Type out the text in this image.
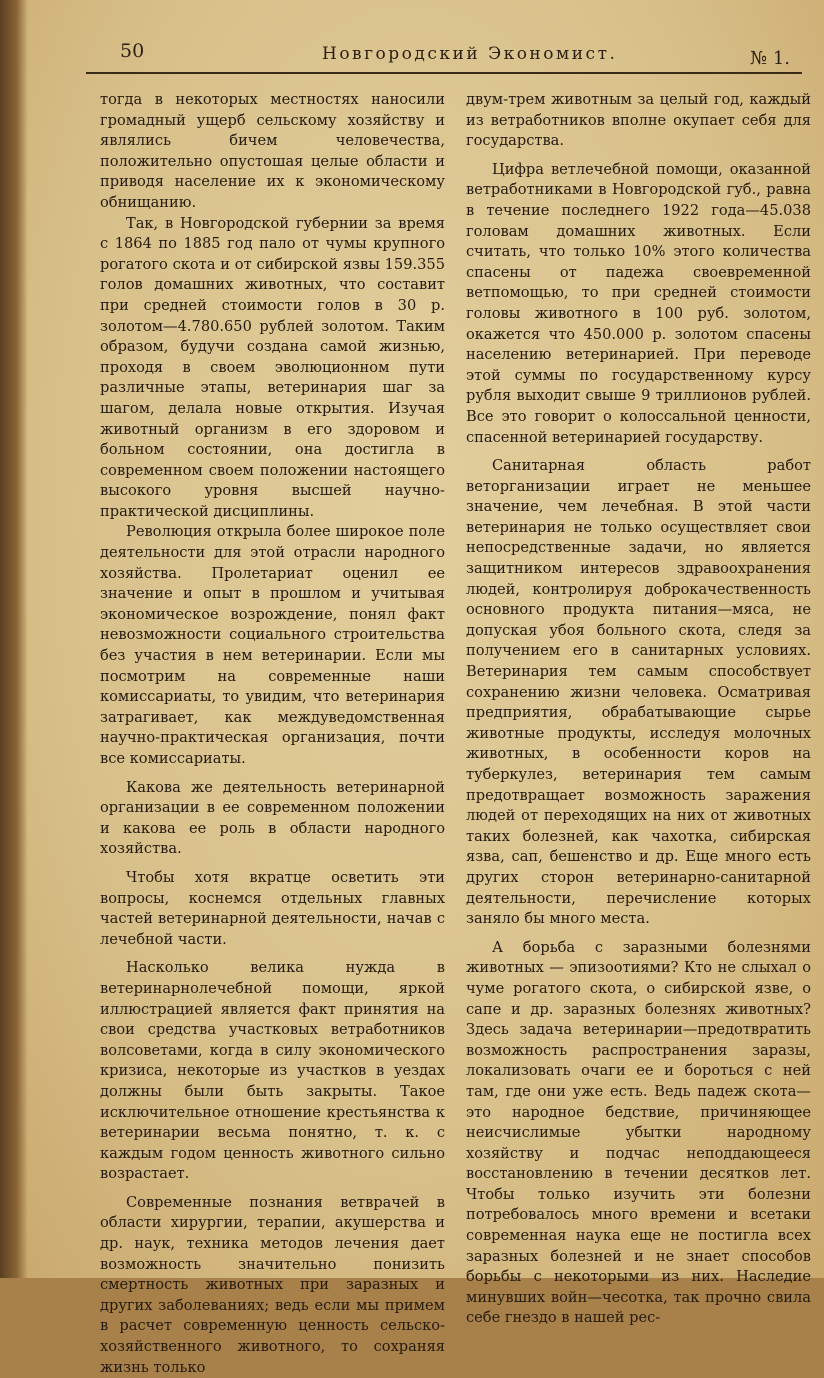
50	Новгородский Экономист.	№ 1.

тогда в некоторых местностях наносили громадный ущерб сельскому хозяйству и являлись бичем человечества, положительно опустошая целые области и приводя население их к экономическому обнищанию.

Так, в Новгородской губернии за время с 1864 по 1885 год пало от чумы крупного рогатого скота и от сибирской язвы 159.355 голов домашних животных, что составит при средней стоимости голов в 30 р. золотом—4.780.650 рублей золотом. Таким образом, будучи создана самой жизнью, проходя в своем эволюционном пути различные этапы, ветеринария шаг за шагом, делала новые открытия. Изучая животный организм в его здоровом и больном состоянии, она достигла в современном своем положении настоящего высокого уровня высшей научно-практической дисциплины.

Революция открыла более широкое поле деятельности для этой отрасли народного хозяйства. Пролетариат оценил ее значение и опыт в прошлом и учитывая экономическое возрождение, понял факт невозможности социального строительства без участия в нем ветеринарии. Если мы посмотрим на современные наши комиссариаты, то увидим, что ветеринария затрагивает, как междуведомственная научно-практическая организация, почти все комиссариаты.

Какова же деятельность ветеринарной организации в ее современном положении и какова ее роль в области народного хозяйства.

Чтобы хотя вкратце осветить эти вопросы, коснемся отдельных главных частей ветеринарной деятельности, начав с лечебной части.

Насколько велика нужда в ветеринарнолечебной помощи, яркой иллюстрацией является факт принятия на свои средства участковых ветработников волсоветами, когда в силу экономического кризиса, некоторые из участков в уездах должны были быть закрыты. Такое исключительное отношение крестьянства к ветеринарии весьма понятно, т. к. с каждым годом ценность животного сильно возрастает.

Современные познания ветврачей в области хирургии, терапии, акушерства и др. наук, техника методов лечения дает возможность значительно понизить смертность животных при заразных и других заболеваниях; ведь если мы примем в расчет современную ценность сельско-хозяйственного животного, то сохраняя жизнь только

двум-трем животным за целый год, каждый из ветработников вполне окупает себя для государства.

Цифра ветлечебной помощи, оказанной ветработниками в Новгородской губ., равна в течение последнего 1922 года—45.038 головам домашних животных. Если считать, что только 10% этого количества спасены от падежа своевременной ветпомощью, то при средней стоимости головы животного в 100 руб. золотом, окажется что 450.000 р. золотом спасены населению ветеринарией. При переводе этой суммы по государственному курсу рубля выходит свыше 9 триллионов рублей. Все это говорит о колоссальной ценности, спасенной ветеринарией государству.

Санитарная область работ веторганизации играет не меньшее значение, чем лечебная. В этой части ветеринария не только осуществляет свои непосредственные задачи, но является защитником интересов здравоохранения людей, контролируя доброкачественность основного продукта питания—мяса, не допуская убоя больного скота, следя за получением его в санитарных условиях. Ветеринария тем самым способствует сохранению жизни человека. Осматривая предприятия, обрабатывающие сырье животные продукты, исследуя молочных животных, в особенности коров на туберкулез, ветеринария тем самым предотвращает возможность заражения людей от переходящих на них от животных таких болезней, как чахотка, сибирская язва, сап, бешенство и др. Еще много есть других сторон ветеринарно-санитарной деятельности, перечисление которых заняло бы много места.

А борьба с заразными болезнями животных — эпизоотиями? Кто не слыхал о чуме рогатого скота, о сибирской язве, о сапе и др. заразных болезнях животных? Здесь задача ветеринарии—предотвратить возможность распространения заразы, локализовать очаги ее и бороться с ней там, где они уже есть. Ведь падеж скота—это народное бедствие, причиняющее неисчислимые убытки народному хозяйству и подчас неподдающееся восстановлению в течении десятков лет. Чтобы только изучить эти болезни потребовалось много времени и всетаки современная наука еще не постигла всех заразных болезней и не знает способов борьбы с некоторыми из них. Наследие минувших войн—чесотка, так прочно свила себе гнездо в нашей рес-
